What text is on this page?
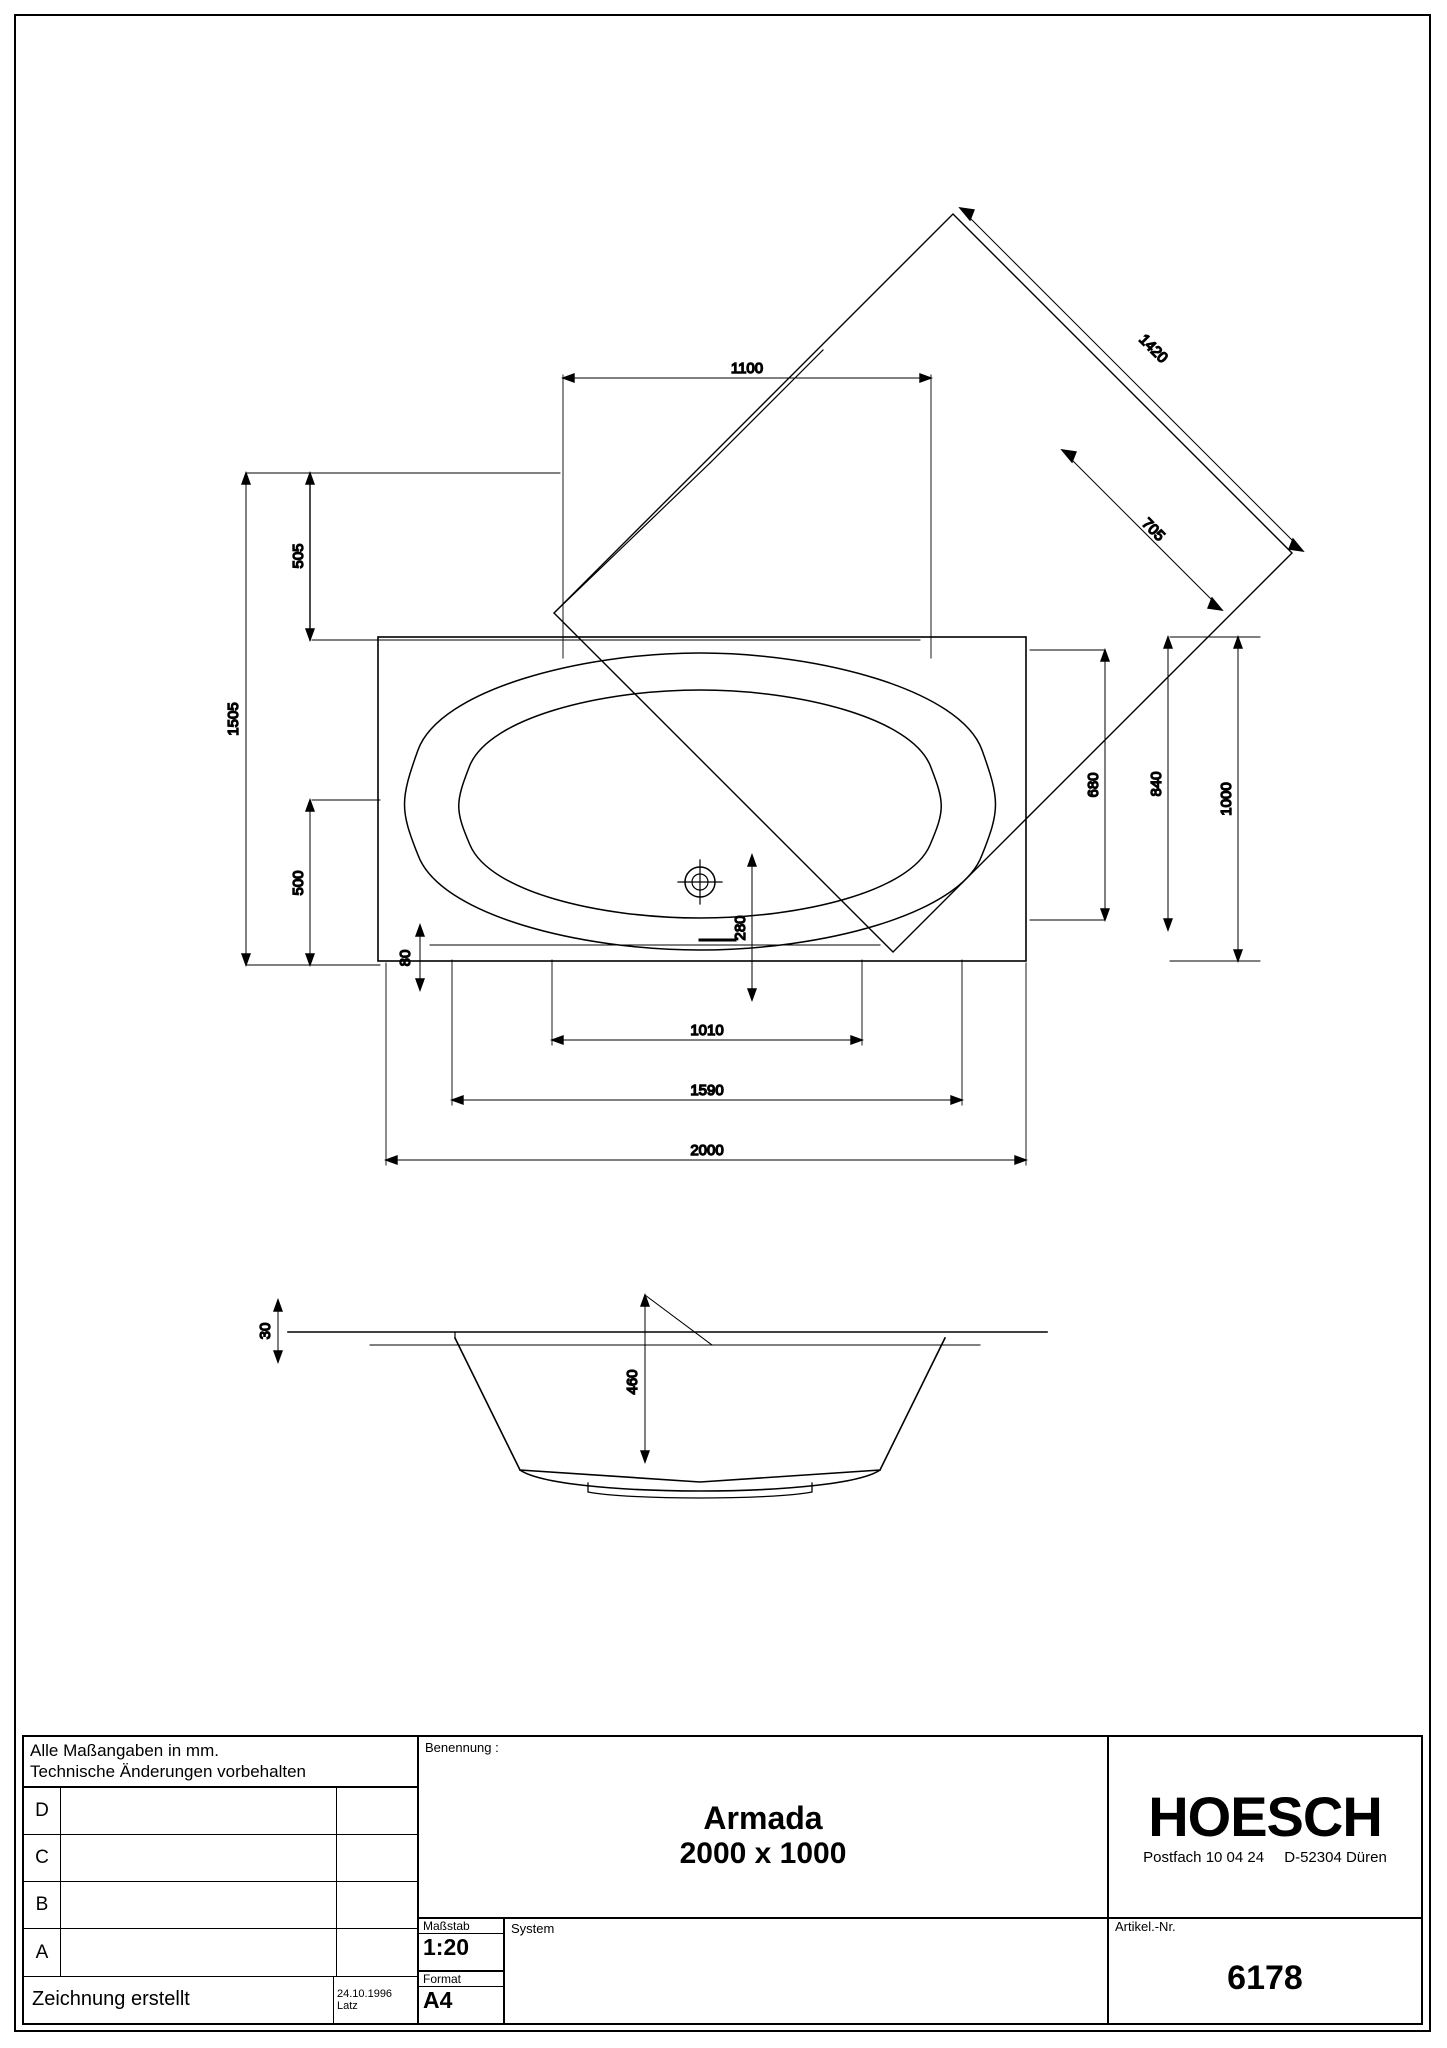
1100
1420
705
505
1505
500
680	840	1000
280
80
1010
1590
2000
30
460
Alle Maßangaben in mm.
Technische Änderungen vorbehalten
D
C
B
A
Zeichnung erstellt	24.10.1996
Latz
Benennung :
Armada
2000 x 1000
Maßstab
1:20
Format
A4
System
HOESCH
Postfach 10 04 24 D-52304 Düren
Artikel.-Nr.
6178
